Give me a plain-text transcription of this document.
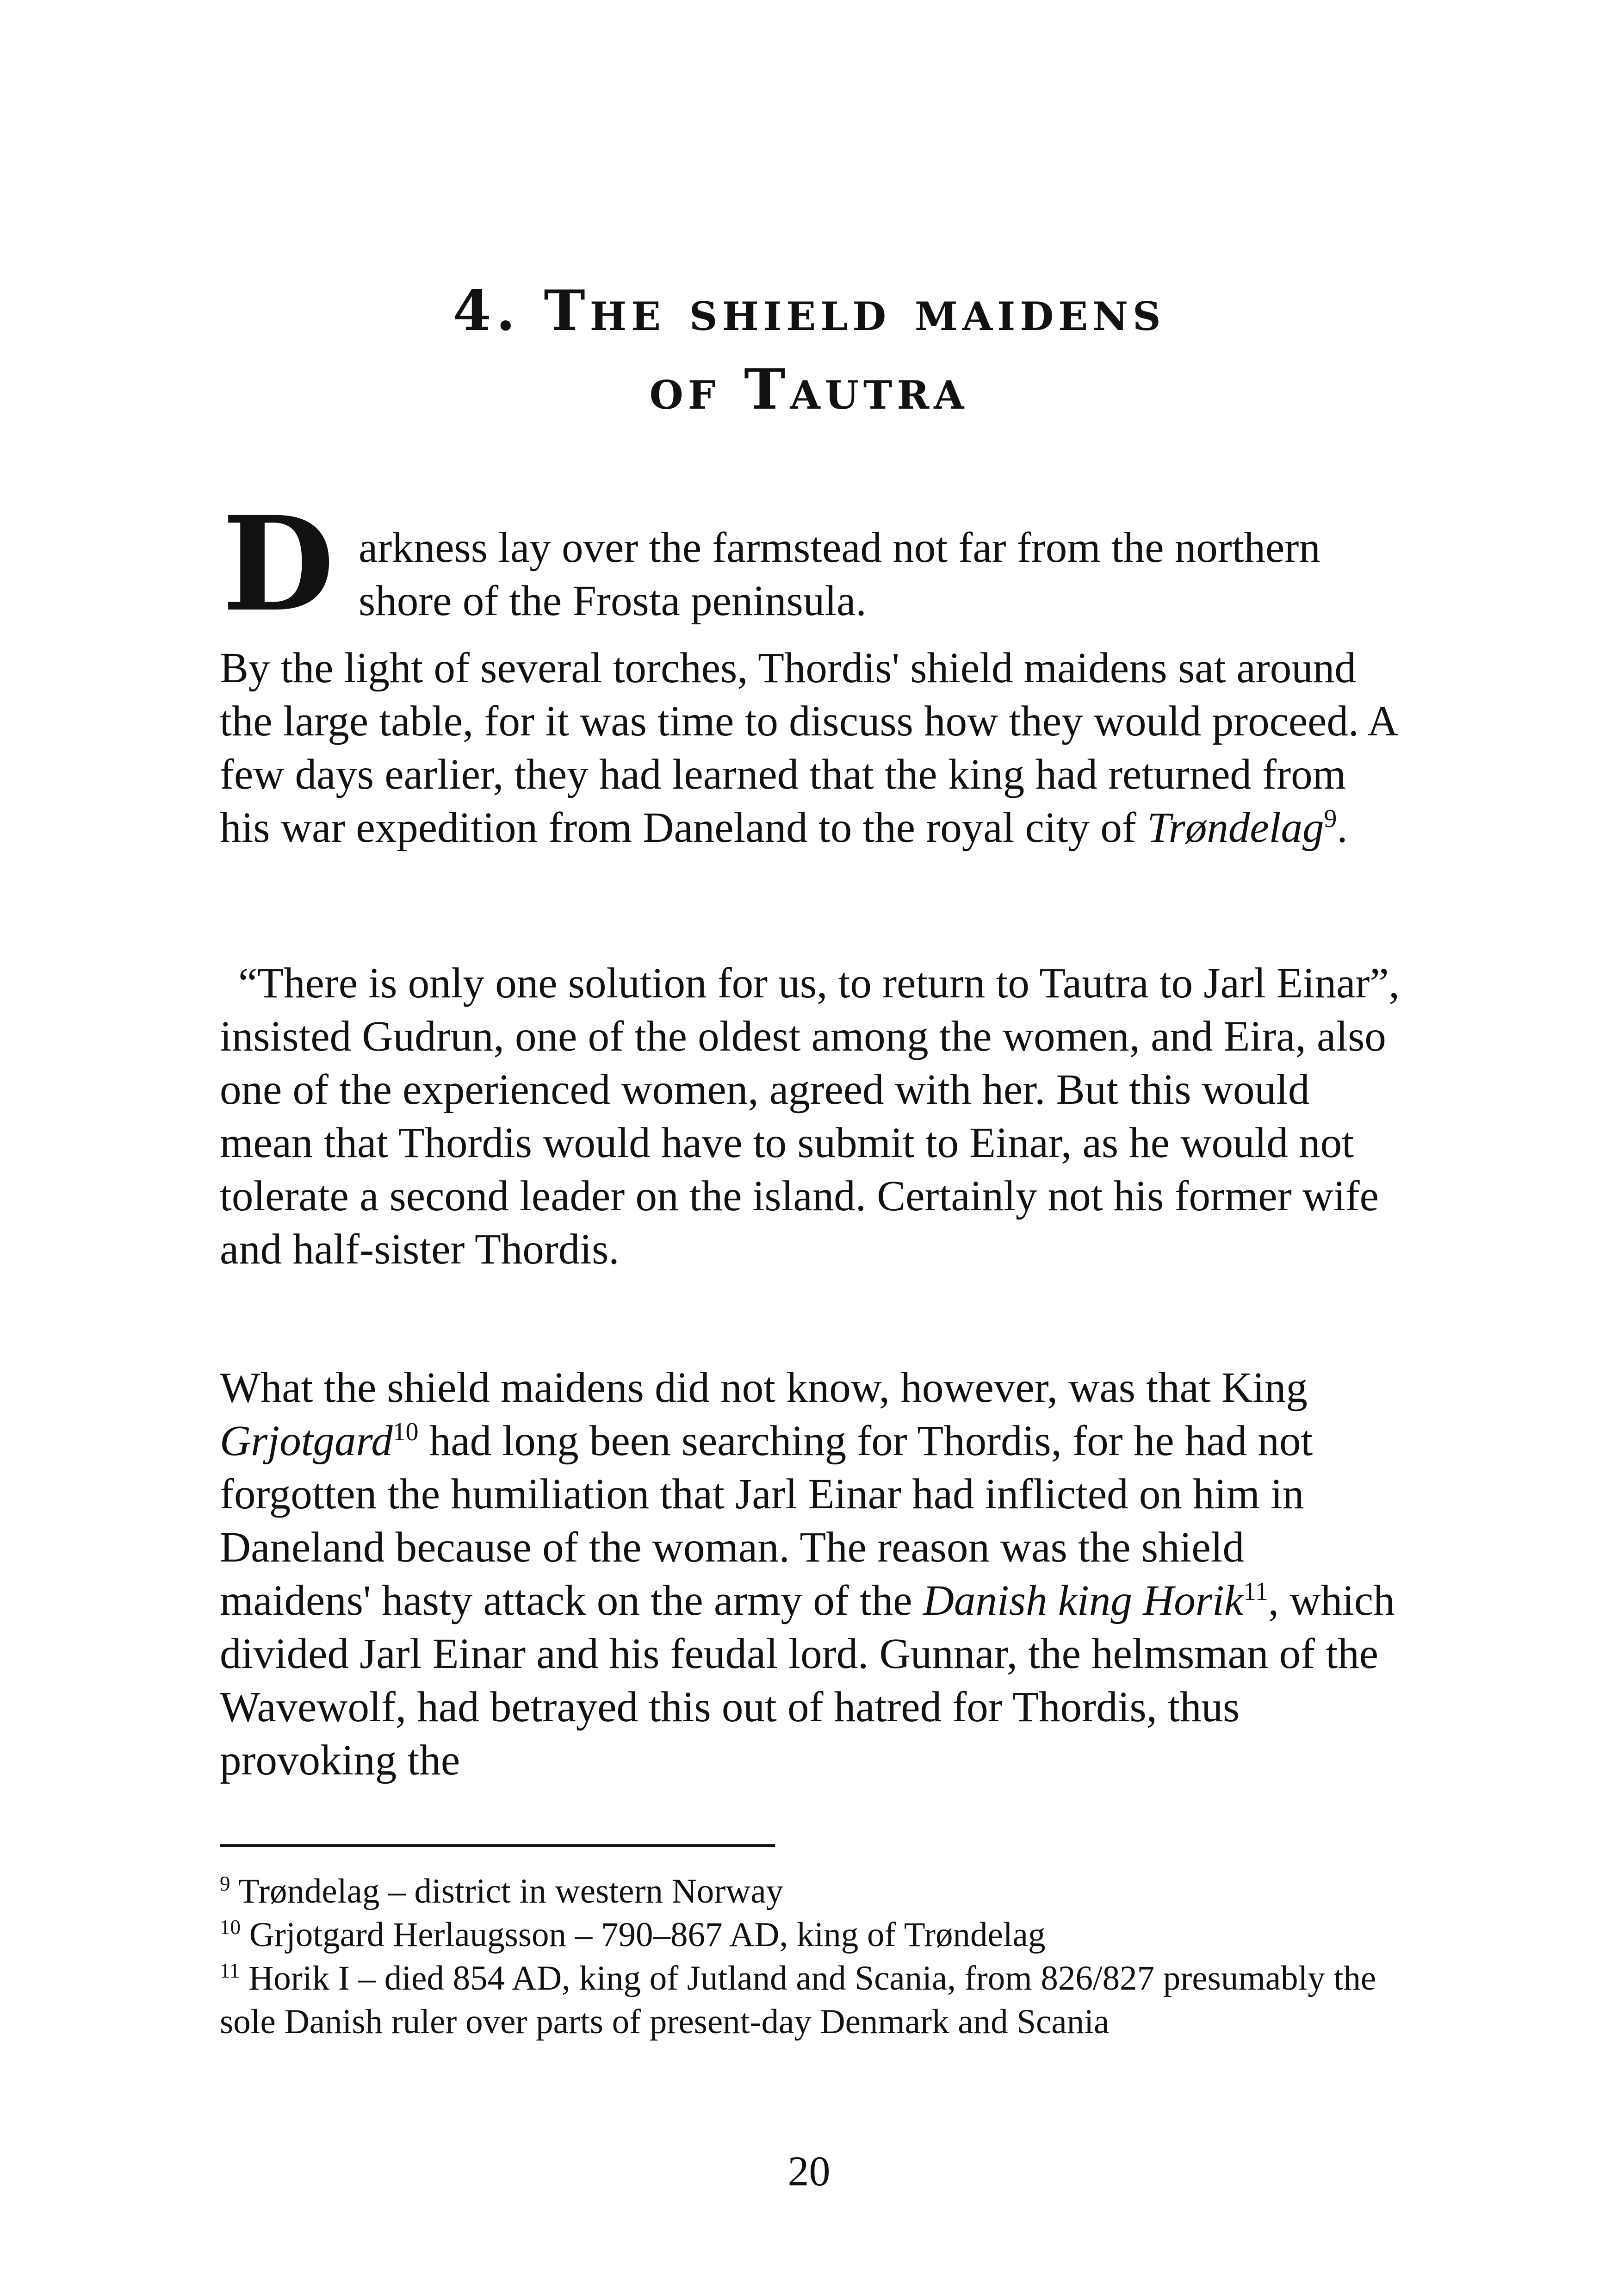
4. The shield maidens
of Tautra
D arkness lay over the farmstead not far from the northern shore of the Frosta peninsula.
By the light of several torches, Thordis' shield maidens sat around the large table, for it was time to discuss how they would proceed. A few days earlier, they had learned that the king had returned from his war expedition from Daneland to the royal city of Trøndelag$^9$.

“There is only one solution for us, to return to Tautra to Jarl Einar”, insisted Gudrun, one of the oldest among the women, and Eira, also one of the experienced women, agreed with her. But this would mean that Thordis would have to submit to Einar, as he would not tolerate a second leader on the island. Certainly not his former wife and half-sister Thordis.

What the shield maidens did not know, however, was that King Grjotgard$^{10}$ had long been searching for Thordis, for he had not forgotten the humiliation that Jarl Einar had inflicted on him in Daneland because of the woman. The reason was the shield maidens' hasty attack on the army of the Danish king Horik$^{11}$, which divided Jarl Einar and his feudal lord. Gunnar, the helmsman of the Wavewolf, had betrayed this out of hatred for Thordis, thus provoking the

$^9$ Trøndelag – district in western Norway

$^{10}$ Grjotgard Herlaugsson – 790–867 AD, king of Trøndelag

$^{11}$ Horik I – died 854 AD, king of Jutland and Scania, from 826/827 presumably the sole Danish ruler over parts of present-day Denmark and Scania

20
